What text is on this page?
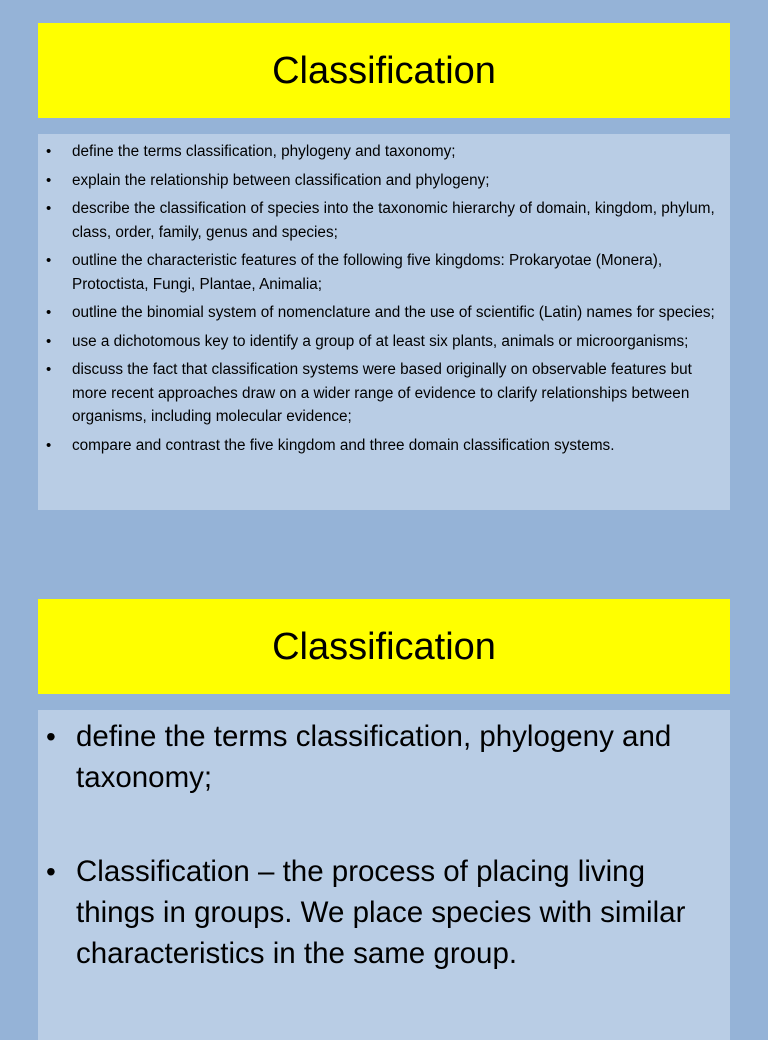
Classification
• define the terms classification, phylogeny and taxonomy;
• explain the relationship between classification and phylogeny;
• describe the classification of species into the taxonomic hierarchy of domain, kingdom, phylum, class, order, family, genus and species;
• outline the characteristic features of the following five kingdoms: Prokaryotae (Monera), Protoctista, Fungi, Plantae, Animalia;
• outline the binomial system of nomenclature and the use of scientific (Latin) names for species;
• use a dichotomous key to identify a group of at least six plants, animals or microorganisms;
• discuss the fact that classification systems were based originally on observable features but more recent approaches draw on a wider range of evidence to clarify relationships between organisms, including molecular evidence;
• compare and contrast the five kingdom and three domain classification systems.
Classification
• define the terms classification, phylogeny and taxonomy;
• Classification – the process of placing living things in groups. We place species with similar characteristics in the same group.
